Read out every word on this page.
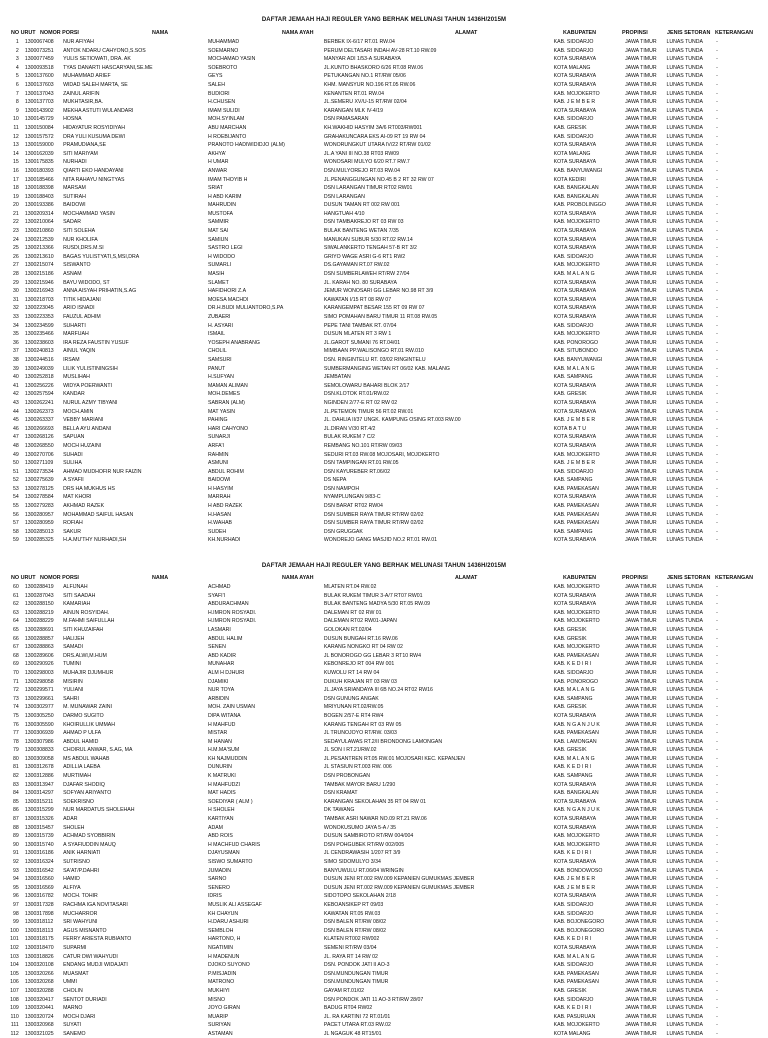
DAFTAR JEMAAH HAJI REGULER YANG BERHAK MELUNASI TAHUN 1436H/2015M
NO URUT NOMOR PORSI	NAMA	NAMA AYAH	ALAMAT	KABUPATEN	PROPINSI	JENIS SETORAN KETERANGAN
	1	1300067408	NUR AFIYAH	MUHAMMAD	BERBEK IX-6/17 RT.01 RW.04	KAB. SIDOARJO	JAWA TIMUR	LUNAS TUNDA	-
	2	1300073251	ANTOK NDARU CAHYONO,S.SOS	SOEMARNO	PERUM DELTASARI INDAH AV-28 RT.10 RW.09	KAB. SIDOARJO	JAWA TIMUR	LUNAS TUNDA	-
	3	1300077459	YULIS SETIOWATI, DRA. AK	MOCHAMAD YASIN	MANYAR ADI 1/53-A SURABAYA	KOTA SURABAYA	JAWA TIMUR	LUNAS TUNDA	-
	4	1300093518	TYAS DANARTI HASCARYANI,SE.ME	SOEBROTO	JL.KUNTO BHASKORO 6/26 RT.08 RW.06	KOTA MALANG	JAWA TIMUR	LUNAS TUNDA	-
	5	1300137600	MUHAMMAD ARIEF	GEYS	PETUKANGAN NO.1 RT/RW 05/06	KOTA SURABAYA	JAWA TIMUR	LUNAS TUNDA	-
	6	1300137603	WIDAD SALEH MARTA, SE	SALEH	KHM. MANSYUR NO.196 RT.05 RW.06	KOTA SURABAYA	JAWA TIMUR	LUNAS TUNDA	-
	7	1300137043	ZAINUL ARIFIN	BUDIORI	KENANTEN RT.01 RW.04	KAB. MOJOKERTO	JAWA TIMUR	LUNAS TUNDA	-
	8	1300137703	MUKHTASIR,BA.	H.CHUSEN	JL.SEMERU XV/U-15 RT/RW 02/04	KAB. J E M B E R	JAWA TIMUR	LUNAS TUNDA	-
	9	1300143902	MEKHA ASTUTI WULANDARI	IMAM SULIDI	KARANGAN MLK IV-4/19	KOTA SURABAYA	JAWA TIMUR	LUNAS TUNDA	-
	10	1300145729	HOSNA	MOH.SYINLAM	DSN PAMASARAN	KAB. SIDOARJO	JAWA TIMUR	LUNAS TUNDA	-
	11	1300150084	HIDAYATUR ROSYIDIYAH	ABU MARCHAN	KH.WAKHID HASYIM 3A/6 RT003/RW001	KAB. GRESIK	JAWA TIMUR	LUNAS TUNDA	-
	12	1300157572	DRA YULI KUSUMA DEWI	H ROEBIJANTO	GRAHAKUNCARA EKS AI-09 RT 19 RW 04	KAB. SIDOARJO	JAWA TIMUR	LUNAS TUNDA	-
	13	1300159000	PRAMUDIANA,SE	PRANOTO HADIWIDIDJO (ALM)	WONORUNGKUT UTARA IV/22 RT/RW 01/02	KOTA SURABAYA	JAWA TIMUR	LUNAS TUNDA	-
	14	1300162039	SITI MARIYAM	AKHYA'	JL.A YANI III NO.38 RT03 RW09	KOTA MALANG	JAWA TIMUR	LUNAS TUNDA	-
	15	1300175835	NURHADI	H UMAR	WONOSARI MULYO 6/20 RT.7 RW.7	KOTA SURABAYA	JAWA TIMUR	LUNAS TUNDA	-
	16	1300180393	QIARTI EKO HANDAYANI	ANWAR	DSN.MULYOREJO RT.03 RW.04	KAB. BANYUWANGI	JAWA TIMUR	LUNAS TUNDA	-
	17	1300185466	NITA RAHAYU NINGTYAS	IMAM THOYIB H	JL.PENANGGUNGAN NO.45 B 2 RT 32 RW 07	KOTA KEDIRI	JAWA TIMUR	LUNAS TUNDA	-
	18	1300188398	MARSAM	SRIAT	DSN LARANGAN TIMUR RT02 RW01	KAB. BANGKALAN	JAWA TIMUR	LUNAS TUNDA	-
	19	1300188403	SUTIRAH	H ABD KARIM	DSN LARANGAN	KAB. BANGKALAN	JAWA TIMUR	LUNAS TUNDA	-
	20	1300193386	BAIDOWI	MAHRUDIN	DUSUN TAMAN RT 002 RW 001	KAB. PROBOLINGGO	JAWA TIMUR	LUNAS TUNDA	-
	21	1300209314	MOCHAMMAD YASIN	MUSTOFA	HANGTUAH 4/10	KOTA SURABAYA	JAWA TIMUR	LUNAS TUNDA	-
	22	1300210064	SADAR	SAMMIR	DSN TAMBAKREJO RT 03 RW 03	KAB. MOJOKERTO	JAWA TIMUR	LUNAS TUNDA	-
	23	1300210860	SITI SOLEHA	MAT SAI	BULAK BANTENG WETAN 7/35	KOTA SURABAYA	JAWA TIMUR	LUNAS TUNDA	-
	24	1300212539	NUR KHOLIFA	SAMIUN	MANUKAN SUBUR 5/30 RT.02 RW.14	KOTA SURABAYA	JAWA TIMUR	LUNAS TUNDA	-
	25	1300213366	RUSDI,DRS.M.SI	SASTRO LEGI	SIWALANKERTO TENGAH 57-B RT 3/2	KOTA SURABAYA	JAWA TIMUR	LUNAS TUNDA	-
	26	1300213610	BAGAS YULISTYATI,S,MSI,DRA	H WIDODO	GRIYO WAGE ASRI G-6 RT1 RW2	KAB. SIDOARJO	JAWA TIMUR	LUNAS TUNDA	-
	27	1300215074	SISWANTO	SUMARLI	DS.GAYAMAN RT.07 RW.02	KAB. MOJOKERTO	JAWA TIMUR	LUNAS TUNDA	-
	28	1300215186	ASNAM	MASIH	DSN SUMBERLAWEH RT/RW 27/04	KAB. M A L A N G	JAWA TIMUR	LUNAS TUNDA	-
	29	1300215946	BAYU WIDODO, ST	SLAMET	JL. KARAH NO. 80 SURABAYA	KOTA SURABAYA	JAWA TIMUR	LUNAS TUNDA	-
	30	1300216943	ANNA AISYAH PRIHATIN,S.AG	HAFIDHORI Z.A	JEMUR WONOSARI GG LEBAR NO.98 RT 3/9	KOTA SURABAYA	JAWA TIMUR	LUNAS TUNDA	-
	31	1300218703	TITIK HIDAJANI	MOESA MACHDI	KAWATAN I/15 RT 08 RW 07	KOTA SURABAYA	JAWA TIMUR	LUNAS TUNDA	-
	32	1300223045	ARIO ISNADI	DR.H.BUDI MULIANTORO,S.PA	KARANGEMPAT BESAR 155 RT 09 RW 07	KOTA SURABAYA	JAWA TIMUR	LUNAS TUNDA	-
	33	1300223353	FAUZUL ADHIM	ZUBAERI	SIMO POMAHAN BARU TIMUR 11 RT.08 RW.05	KOTA SURABAYA	JAWA TIMUR	LUNAS TUNDA	-
	34	1300234599	SUHARTI	H. ASYARI	PEPE TANI TAMBAK RT. 07/04	KAB. SIDOARJO	JAWA TIMUR	LUNAS TUNDA	-
	35	1300235466	MARFUAH	ISMAIL	DUSUN MLATEN RT 3 RW 1	KAB. MOJOKERTO	JAWA TIMUR	LUNAS TUNDA	-
	36	1300238603	IRA REZA FAUSTIN YUSUF	YOSEPH ANABRANG	JL.GAROT SUMANI 76 RT.04/01	KAB. PONOROGO	JAWA TIMUR	LUNAS TUNDA	-
	37	1300240813	AINUL YAQIN	CHOLIL	MIMBAAN PP.WALISONGO RT.01 RW.010	KAB. SITUBONDO	JAWA TIMUR	LUNAS TUNDA	-
	38	1300244516	IRSAM	SAMSURI	DSN. RINGINTELU RT. 03/02 RINGINTELU	KAB. BANYUWANGI	JAWA TIMUR	LUNAS TUNDA	-
	39	1300249039	LILIK YULISTININGSIH	PANUT	SUMBERMANGING WETAN RT 06/02 KAB. MALANG	KAB. M A L A N G	JAWA TIMUR	LUNAS TUNDA	-
	40	1300252818	MUSLIHAH	H.SUFYAN	JEMBATAN	KAB. SAMPANG	JAWA TIMUR	LUNAS TUNDA	-
	41	1300256226	WIDYA POERWANTI	MAMAN ALIMAN	SEMOLOWARU BAHARI BLOK 2/17	KOTA SURABAYA	JAWA TIMUR	LUNAS TUNDA	-
	42	1300257594	KANDAR	MOH.DEMES	DSN.KLOTOK RT.01/RW.02	KAB. GRESIK	JAWA TIMUR	LUNAS TUNDA	-
	43	1300262241	NURUL AZMY TIBYANI	SABRAN (ALM)	NGINDEN 2/77-E RT 02 RW 02	KOTA SURABAYA	JAWA TIMUR	LUNAS TUNDA	-
	44	1300262373	MOCH.AMIN	MAT YASIN	JL.PETEMON TIMUR 56 RT.02 RW.01	KOTA SURABAYA	JAWA TIMUR	LUNAS TUNDA	-
	45	1300263337	VEBBY MARIANI	PAHING	JL. DAHLIA II/37 UNGK. KAMPUNG OSING RT.003 RW.00	KAB. J E M B E R	JAWA TIMUR	LUNAS TUNDA	-
	46	1300266693	BELLA AYU ANDANI	HARI CAHYONO	JL.DIRAN V/30 RT.4/2	KOTA B A T U	JAWA TIMUR	LUNAS TUNDA	-
	47	1300268126	SAPUAN	SUNARJI	BULAK RUKEM 7 C/2	KOTA SURABAYA	JAWA TIMUR	LUNAS TUNDA	-
	48	1300268550	MOCH HUZAINI	ARFA'I	REMBANG NO.101 RT/RW 09/03	KOTA SURABAYA	JAWA TIMUR	LUNAS TUNDA	-
	49	1300270706	SUHADI	RAHMIN	SEDURI RT.03 RW.08 MOJOSARI, MOJOKERTO	KAB. MOJOKERTO	JAWA TIMUR	LUNAS TUNDA	-
	50	1300271109	SULIHA	ASMUNI	DSN TAMPINGAN RT.01 RW.05	KAB. J E M B E R	JAWA TIMUR	LUNAS TUNDA	-
	51	1300273534	AHMAD MUDHOFIR NUR FAIZIN	ABDUL ROHIM	DSN KAYUREBER RT.06/02	KAB. SIDOARJO	JAWA TIMUR	LUNAS TUNDA	-
	52	1300275639	A SYAFII	BAIDOWI	DS NEPA	KAB. SAMPANG	JAWA TIMUR	LUNAS TUNDA	-
	53	1300278125	DRS HA MUKHUS HS	H HASYIM	DSN NAMPOH	KAB. PAMEKASAN	JAWA TIMUR	LUNAS TUNDA	-
	54	1300278584	MAT KHORI	MARRAH	NYAMPLUNGAN 9/83-C	KOTA SURABAYA	JAWA TIMUR	LUNAS TUNDA	-
	55	1300279283	AKHMAD RAZEK	H ABD RAZEK	DSN BARAT RT02 RW04	KAB. PAMEKASAN	JAWA TIMUR	LUNAS TUNDA	-
	56	1300280957	MOHAMMAD SAIFUL HASAN	H.HASAN	DSN SUMBER RAYA TIMUR RT/RW 02/02	KAB. PAMEKASAN	JAWA TIMUR	LUNAS TUNDA	-
	57	1300280959	ROFIAH	H.WAHAB	DSN SUMBER RAYA TIMUR RT/RW 02/02	KAB. PAMEKASAN	JAWA TIMUR	LUNAS TUNDA	-
	58	1300285013	SAKUR	SUDEH	DSN GRUGGAK	KAB. SAMPANG	JAWA TIMUR	LUNAS TUNDA	-
	59	1300285325	H.A.MU'THY NURHADI,SH	KH.NURHADI	WONOREJO GANG MASJID NO.2 RT.01 RW.01	KOTA SURABAYA	JAWA TIMUR	LUNAS TUNDA	-
DAFTAR JEMAAH HAJI REGULER YANG BERHAK MELUNASI TAHUN 1436H/2015M
NO URUT NOMOR PORSI	NAMA	NAMA AYAH	ALAMAT	KABUPATEN	PROPINSI	JENIS SETORAN KETERANGAN
	60	1300288419	ALFIJNAH	ACHMAD	MLATEN RT.04 RW.02	KAB. MOJOKERTO	JAWA TIMUR	LUNAS TUNDA	-
	61	1300287043	SITI SAADAH	SYAFI'I	BULAK RUKEM TIMUR 3-A/7 RT07 RW01	KOTA SURABAYA	JAWA TIMUR	LUNAS TUNDA	-
	62	1300288150	KAMARIAH	ABDURACHMAN	BULAK BANTENG MADYA 5/30 RT.05 RW.09	KOTA SURABAYA	JAWA TIMUR	LUNAS TUNDA	-
	63	1300288219	AINUN ROSYIDAH.	H.IMRON ROSYADI.	DALEMAN RT 02 RW 01	KAB. MOJOKERTO	JAWA TIMUR	LUNAS TUNDA	-
	64	1300288229	M.FAHMI SAIFULLAH	H.IMRON ROSYADI.	DALEMAN RT02 RW01-JAPAN	KAB. MOJOKERTO	JAWA TIMUR	LUNAS TUNDA	-
	65	1300288691	SITI KHUZAIFAH	LASMARI	GOLOKAN RT.02/04	KAB. GRESIK	JAWA TIMUR	LUNAS TUNDA	-
	66	1300288857	HALIJEH	ABDUL HALIM	DUSUN BUNGAH RT.16 RW.06	KAB. GRESIK	JAWA TIMUR	LUNAS TUNDA	-
	67	1300288863	SAMADI	SENEN	KARANG NONGKO RT 04 RW 02	KAB. MOJOKERTO	JAWA TIMUR	LUNAS TUNDA	-
	68	1300289606	DRS.ALWI,M.HUM	ABD KADIR	JL BONOROGO GG LEBAR 3 RT10 RW4	KAB. PAMEKASAN	JAWA TIMUR	LUNAS TUNDA	-
	69	1300290926	TUMINI	MUNAHAR	KEBONREJO RT 004 RW 001	KAB. K E D I R I	JAWA TIMUR	LUNAS TUNDA	-
	70	1300298003	MUHAJIR DJUMHUR	ALM H DJHURI	KUWOLU RT 14 RW 04	KAB. SIDOARJO	JAWA TIMUR	LUNAS TUNDA	-
	71	1300298058	MISIRIN	DJAMIKI	DUKUH KRAJAN RT 03 RW 03	KAB. PONOROGO	JAWA TIMUR	LUNAS TUNDA	-
	72	1300299571	YULIANI	NUR TOYA	JL.JAYA SRIANDAYA III 6B NO.24 RT02 RW16	KAB. M A L A N G	JAWA TIMUR	LUNAS TUNDA	-
	73	1300299661	SAHRI	ARBIDIN	DSN GUNUNG ANGAK	KAB. SAMPANG	JAWA TIMUR	LUNAS TUNDA	-
	74	1300302977	M. MUNAWAR ZAINI	MOH. ZAIN USMAN	MRIYUNAN RT.02/RW.05	KAB. GRESIK	JAWA TIMUR	LUNAS TUNDA	-
	75	1300305250	DARMO SUGITO	DIPA WITANA	BOGEN 2/57-E RT4 RW4	KOTA SURABAYA	JAWA TIMUR	LUNAS TUNDA	-
	76	1300305590	KHOIRULLIK UMMAH	H MAHFUD	KARANG TENGAH RT 03 RW 05	KAB. N G A N J U K	JAWA TIMUR	LUNAS TUNDA	-
	77	1300306939	AHMAD P ULFA	MISTAR	JL TRUNOJOYO RT/RW. 03/03	KAB. PAMEKASAN	JAWA TIMUR	LUNAS TUNDA	-
	78	1300307986	ABDUL HAMID	M HANAN	SEDAYULAWAS RT.2/II BRONDONG LAMONGAN	KAB. LAMONGAN	JAWA TIMUR	LUNAS TUNDA	-
	79	1300308833	CHOIRUL ANWAR, S.AG, MA	H.M.MA'SUM	JL SON I RT.21/RW.02	KAB. GRESIK	JAWA TIMUR	LUNAS TUNDA	-
	80	1300309058	MS ABDUL WAHAB	KH NAJMUDDIN	JL.PESANTREN RT.05 RW.01 MOJOSARI KEC. KEPANJEN	KAB. M A L A N G	JAWA TIMUR	LUNAS TUNDA	-
	81	1300312678	ADILLIA LAEBA	DUNURIN	JL STASIUN RT.003 RW. 006	KAB. K E D I R I	JAWA TIMUR	LUNAS TUNDA	-
	82	1300312886	MURTIMAH	K MATRUKI	DSN PROBONGAN	KAB. SAMPANG	JAWA TIMUR	LUNAS TUNDA	-
	83	1300313947	DJAFAR SHODIQ	H MAHFUDZI	TAMBAK MAYOR BARU 1/290	KOTA SURABAYA	JAWA TIMUR	LUNAS TUNDA	-
	84	1300314297	SOFYAN ARIYANTO	MAT HADIS	DSN KRAMAT	KAB. BANGKALAN	JAWA TIMUR	LUNAS TUNDA	-
	85	1300315211	SOEKRISNO	SOEDIYAR ( ALM )	KARANGAN SEKOLAHAN 35 RT 04 RW 01	KOTA SURABAYA	JAWA TIMUR	LUNAS TUNDA	-
	86	1300315299	NUR MARDATUS SHOLEHAH	H SHOLEH	DK TAWANG	KAB. N G A N J U K	JAWA TIMUR	LUNAS TUNDA	-
	87	1300315326	ADAR	KARTIYAN	TAMBAK ASRI NAWAR NO.09 RT.21 RW.06	KOTA SURABAYA	JAWA TIMUR	LUNAS TUNDA	-
	88	1300315457	SHOLEH	ADAM	WONOKUSUMO JAYA 5-A / 35	KOTA SURABAYA	JAWA TIMUR	LUNAS TUNDA	-
	89	1300315739	ACHMAD SYOBBIRIN	ABD ROIS	DUSUN SAMBIROTO RT/RW 004/004	KAB. MOJOKERTO	JAWA TIMUR	LUNAS TUNDA	-
	90	1300315740	A SYAFIUDDIN MAUQ	H MACHFUD CHARIS	DSN POHGUBEK RT/RW 002/005	KAB. MOJOKERTO	JAWA TIMUR	LUNAS TUNDA	-
	91	1300316186	ANIK HARNIATI	DJAYUSMAN	JL CENDRAWASIH 1/207 RT 3/9	KAB. K E D I R I	JAWA TIMUR	LUNAS TUNDA	-
	92	1300316324	SUTRISNO	SISWO SUMARTO	SIMO SIDOMULYO 3/34	KOTA SURABAYA	JAWA TIMUR	LUNAS TUNDA	-
	93	1300316542	SA'AT/P.DAHRI	JUMADIN	BANYUWULU RT.06/04 WRINGIN	KAB. BONDOWOSO	JAWA TIMUR	LUNAS TUNDA	-
	94	1300316560	HAMID	SARNO	DUSUN JENI RT.002 RW.009 KEPANIEN GUMUKMAS JEMBER	KAB. J E M B E R	JAWA TIMUR	LUNAS TUNDA	-
	95	1300316569	ALFIYA	SENERO	DUSUN JENI RT.002 RW.009 KEPANIEN GUMUKMAS JEMBER	KAB. J E M B E R	JAWA TIMUR	LUNAS TUNDA	-
	96	1300316782	MOCH. TOHIR	IDRIS	SIDOTOPO SEKOLAHAN 2/18	KOTA SURABAYA	JAWA TIMUR	LUNAS TUNDA	-
	97	1300317328	RACHMA IGA NOVITASARI	MUSLIK ALI ASSEGAF	KEBOANSIKEP RT 09/03	KAB. SIDOARJO	JAWA TIMUR	LUNAS TUNDA	-
	98	1300317898	MUCHARROR	KH CHAYUN	KAWATAN RT.05 RW.03	KAB. SIDOARJO	JAWA TIMUR	LUNAS TUNDA	-
	99	1300318112	SRI WAHYUNI	H.DARU ASHURI	DSN BALEN RT/RW 08/02	KAB. BOJONEGORO	JAWA TIMUR	LUNAS TUNDA	-
	100	1300318113	AGUS MISNANTO	SEMBLOH	DSN BALEN RT/RW 08/02	KAB. BOJONEGORO	JAWA TIMUR	LUNAS TUNDA	-
	101	1300318175	FERRY ARIESTA RUBIANTO	HARTONO, H	KLATEN RT002 RW002	KAB. K E D I R I	JAWA TIMUR	LUNAS TUNDA	-
	102	1300318470	SUPARMI	NGATIMIN	SEMENI RT/RW 03/04	KOTA SURABAYA	JAWA TIMUR	LUNAS TUNDA	-
	103	1300318826	CATUR DWI WAHYUDI	H MADENUN	JL. RAYA RT 14 RW 02	KAB. M A L A N G	JAWA TIMUR	LUNAS TUNDA	-
	104	1300320108	ENDANG MUDJI WIDAJATI	DJOKO SUYONO	DSN. PONDOK JATI II AO-3	KAB. SIDOARJO	JAWA TIMUR	LUNAS TUNDA	-
	105	1300320266	MUASMAT	P.MISJADIN	DSN.MUNDUNGAN TIMUR	KAB. PAMEKASAN	JAWA TIMUR	LUNAS TUNDA	-
	106	1300320268	UMMI	MATRONO	DSN.MUNDUNGAN TIMUR	KAB. PAMEKASAN	JAWA TIMUR	LUNAS TUNDA	-
	107	1300320288	CHOLIN	MUKHIYI	GAYAM RT.01/02	KAB. GRESIK	JAWA TIMUR	LUNAS TUNDA	-
	108	1300320417	SENTOT DURIADI	MISNO	DSN PONDOK JATI 11 AO-3 RT/RW 28/07	KAB. SIDOARJO	JAWA TIMUR	LUNAS TUNDA	-
	109	1300320441	MARNO	JOYO GIRAN	BADUG RT04 RW02	KAB. K E D I R I	JAWA TIMUR	LUNAS TUNDA	-
	110	1300320724	MOCH DJARI	MUARIP	JL. RA KARTINI 72 RT.01/01	KAB. PASURUAN	JAWA TIMUR	LUNAS TUNDA	-
	111	1300320968	SUYATI	SURIYAN	PACET UTARA RT.03 RW.02	KAB. MOJOKERTO	JAWA TIMUR	LUNAS TUNDA	-
	112	1300321025	SANEMO	ASTAMAN	JL NGAGUK 48 RT15/01	KOTA MALANG	JAWA TIMUR	LUNAS TUNDA	-
